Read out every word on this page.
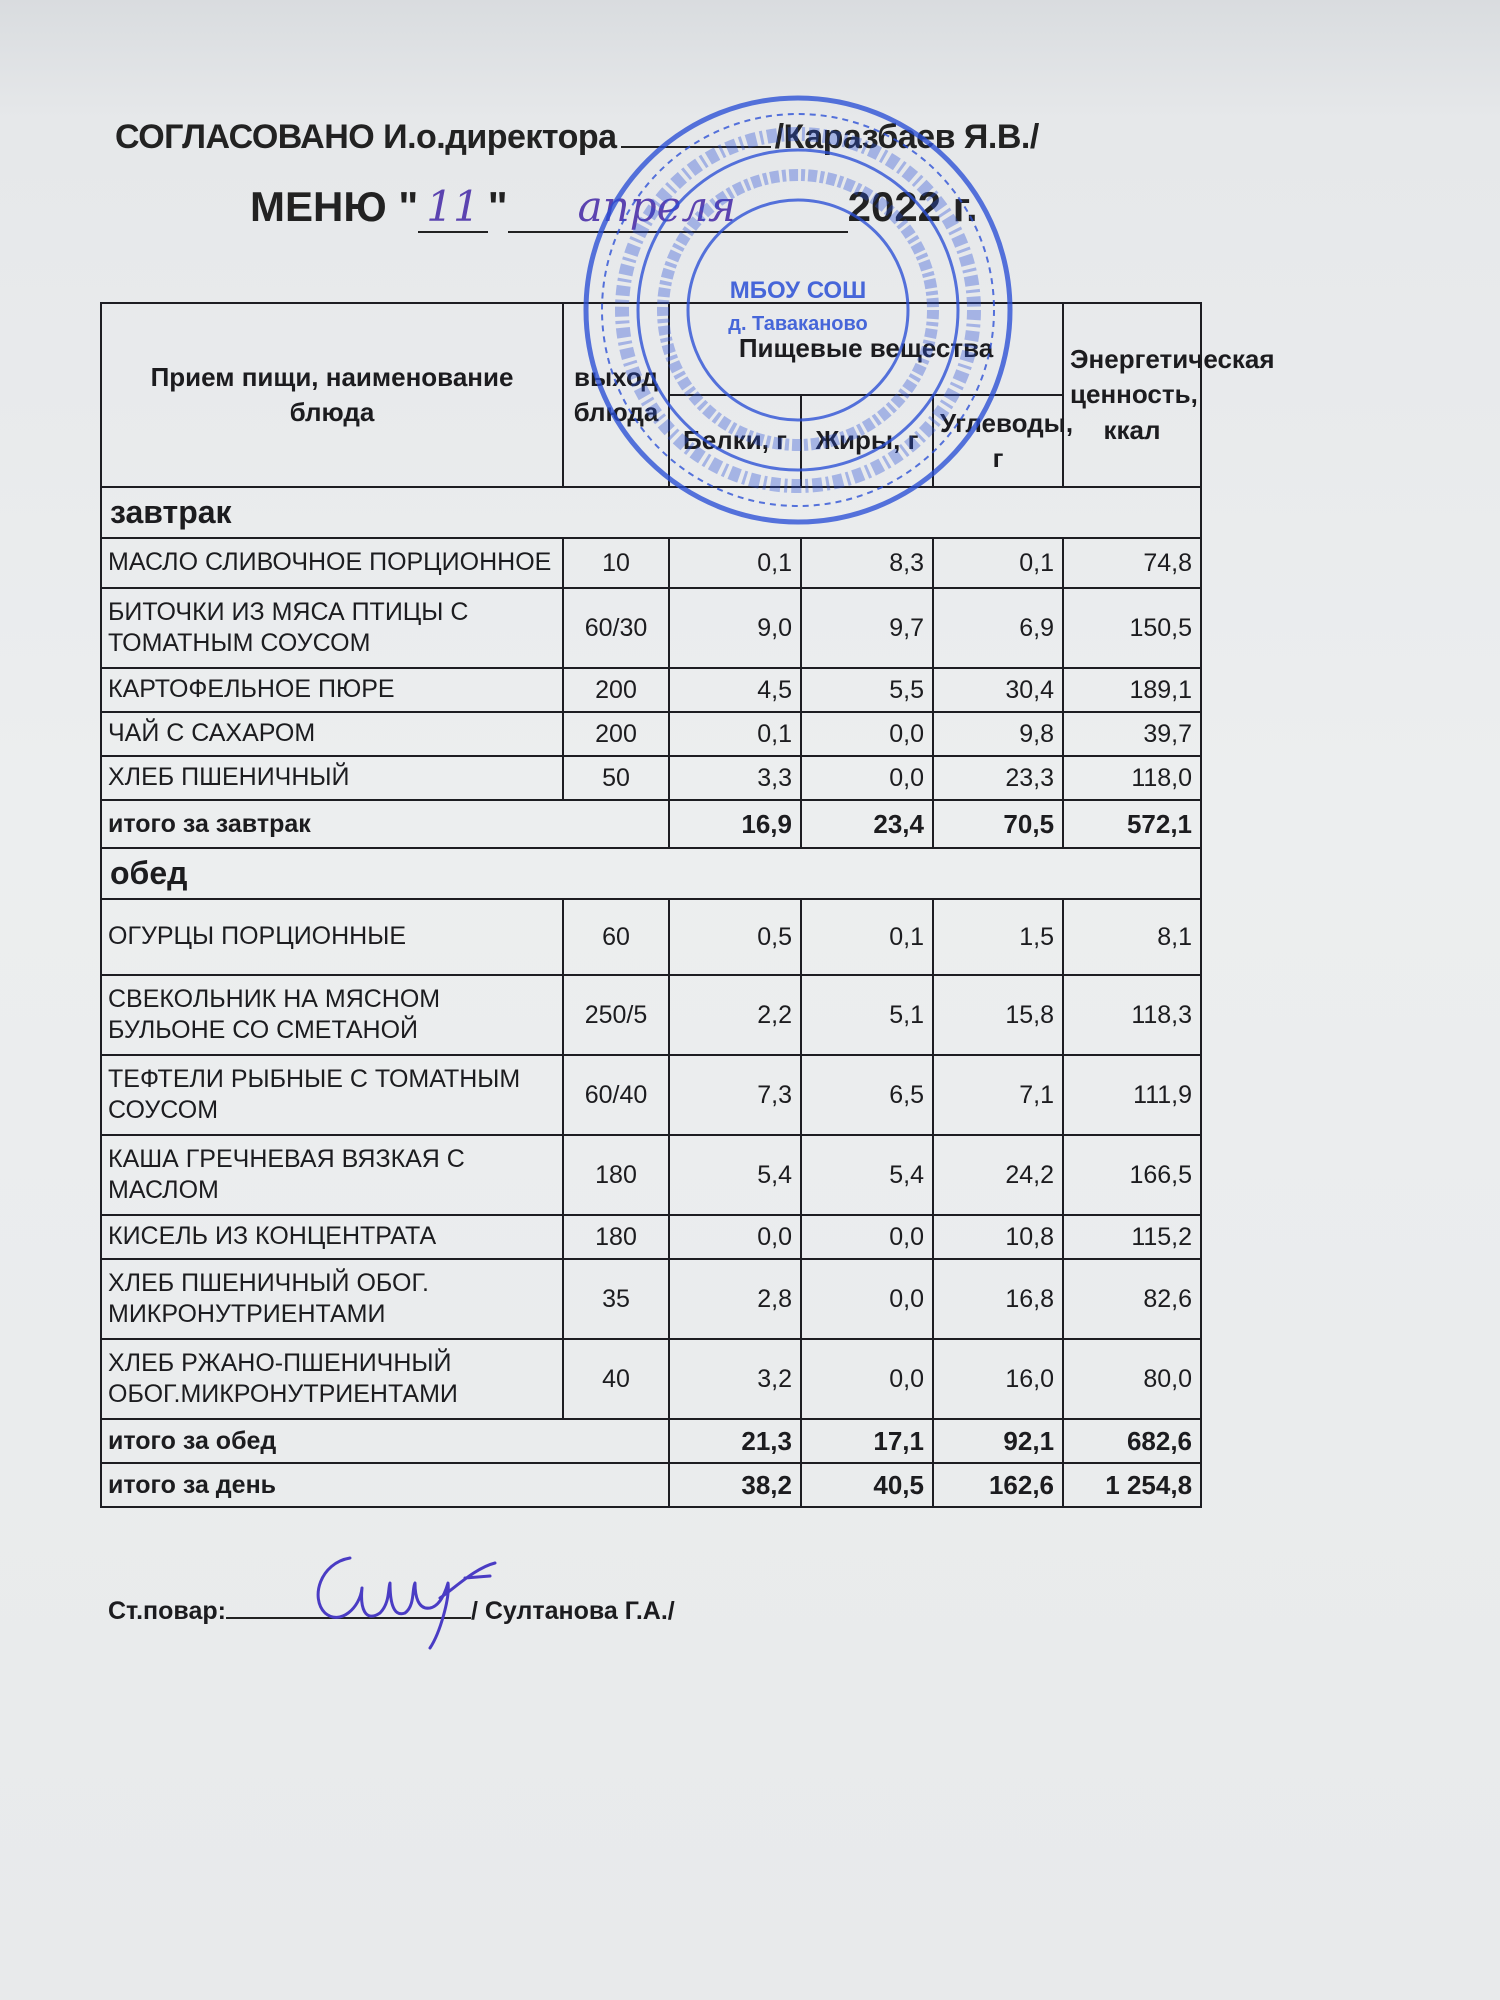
СОГЛАСОВАНО И.о.директора	/Каразбаев Я.В./
МЕНЮ " 11 " апреля	2022 г.
Прием пищи, наименование блюда	выход блюда	Пищевые вещества			Энергетическая ценность, ккал
		Белки, г	Жиры, г	Углеводы, г	
завтрак					
МАСЛО СЛИВОЧНОЕ ПОРЦИОННОЕ	10	0,1	8,3	0,1	74,8
БИТОЧКИ ИЗ МЯСА ПТИЦЫ С ТОМАТНЫМ СОУСОМ	60/30	9,0	9,7	6,9	150,5
КАРТОФЕЛЬНОЕ ПЮРЕ	200	4,5	5,5	30,4	189,1
ЧАЙ С САХАРОМ	200	0,1	0,0	9,8	39,7
ХЛЕБ ПШЕНИЧНЫЙ	50	3,3	0,0	23,3	118,0
итого за завтрак		16,9	23,4	70,5	572,1
обед					
ОГУРЦЫ ПОРЦИОННЫЕ	60	0,5	0,1	1,5	8,1
СВЕКОЛЬНИК НА МЯСНОМ БУЛЬОНЕ СО СМЕТАНОЙ	250/5	2,2	5,1	15,8	118,3
ТЕФТЕЛИ РЫБНЫЕ С ТОМАТНЫМ СОУСОМ	60/40	7,3	6,5	7,1	111,9
КАША ГРЕЧНЕВАЯ ВЯЗКАЯ С МАСЛОМ	180	5,4	5,4	24,2	166,5
КИСЕЛЬ ИЗ КОНЦЕНТРАТА	180	0,0	0,0	10,8	115,2
ХЛЕБ ПШЕНИЧНЫЙ ОБОГ. МИКРОНУТРИЕНТАМИ	35	2,8	0,0	16,8	82,6
ХЛЕБ РЖАНО-ПШЕНИЧНЫЙ ОБОГ.МИКРОНУТРИЕНТАМИ	40	3,2	0,0	16,0	80,0
итого за обед		21,3	17,1	92,1	682,6
итого за день		38,2	40,5	162,6	1 254,8
МБОУ СОШ
д. Таваканово
Ст.повар:	/ Султанова Г.А./
